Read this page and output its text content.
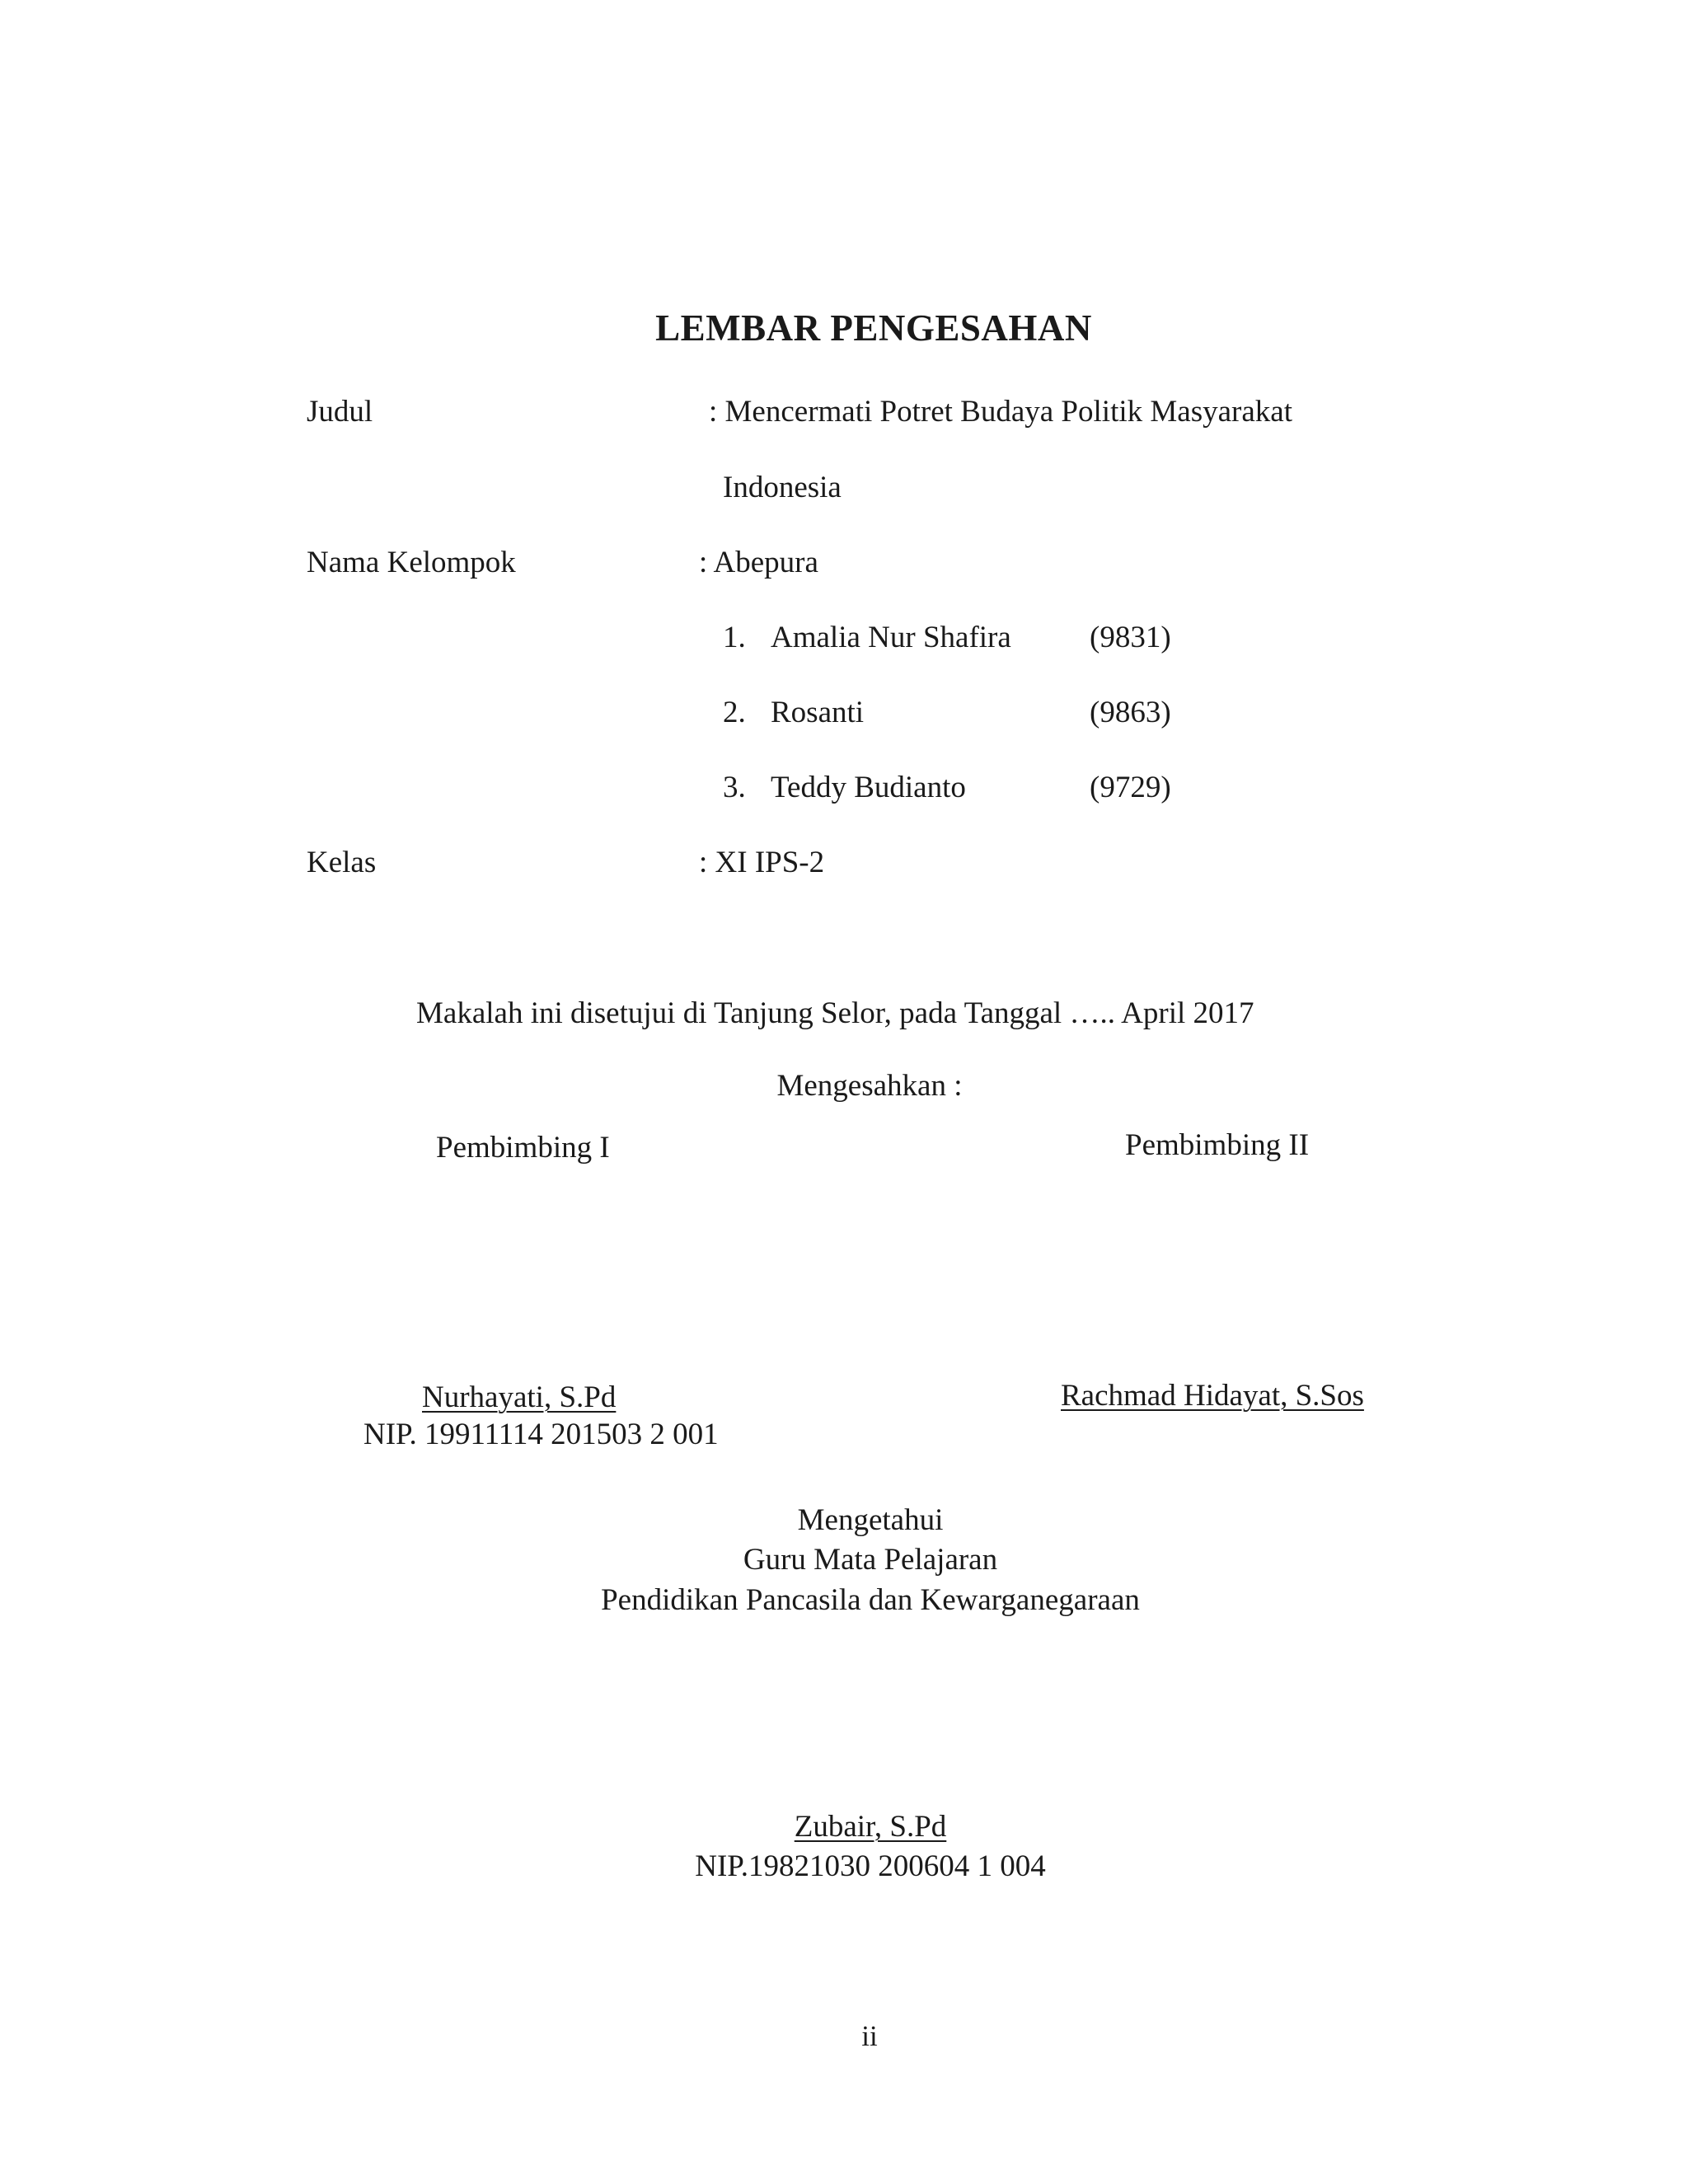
LEMBAR PENGESAHAN
Judul	: Mencermati Potret Budaya Politik Masyarakat
Indonesia
Nama Kelompok	: Abepura
1. Amalia Nur Shafira	(9831)
2. Rosanti	(9863)
3. Teddy Budianto	(9729)
Kelas	: XI IPS-2
Makalah ini disetujui di Tanjung Selor, pada Tanggal ….. April 2017
Mengesahkan :
Pembimbing I
Nurhayati, S.Pd
NIP. 19911114 201503 2 001
Pembimbing II
Rachmad Hidayat, S.Sos
Mengetahui
Guru Mata Pelajaran
Pendidikan Pancasila dan Kewarganegaraan
Zubair, S.Pd
NIP.19821030 200604 1 004
ii
